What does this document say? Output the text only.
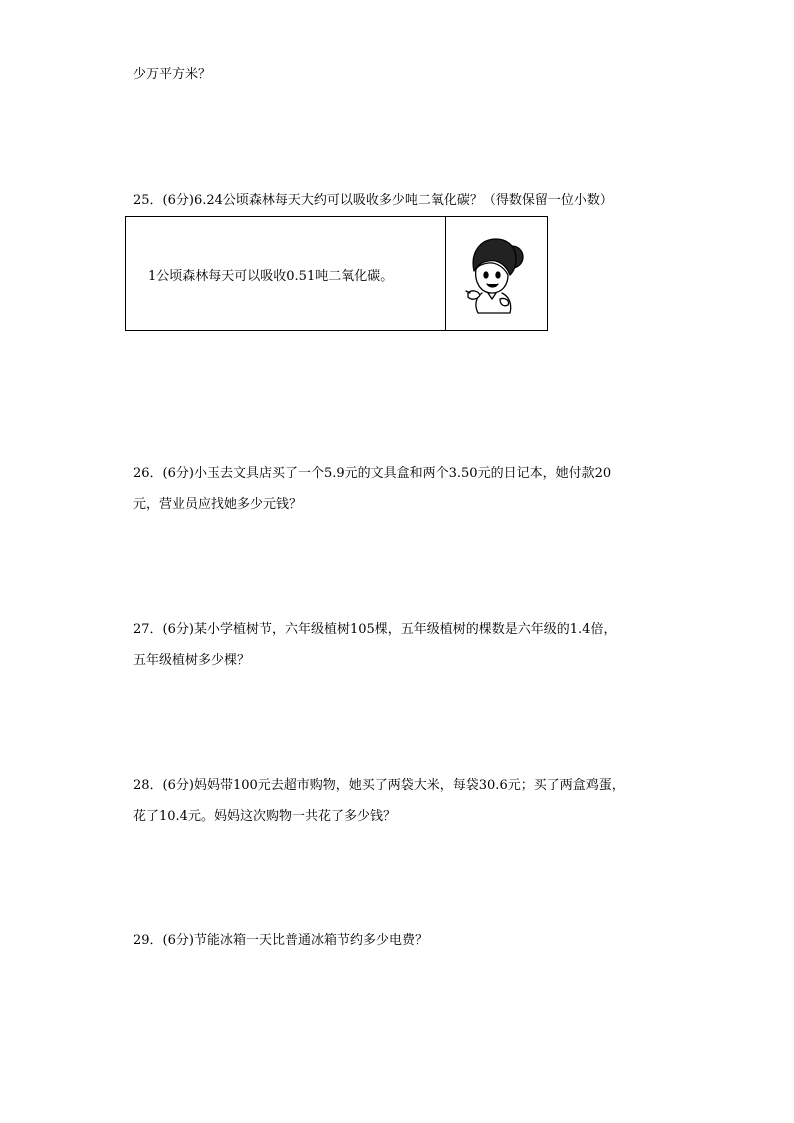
少万平方米？
25．(6分)6.24公顷森林每天大约可以吸收多少吨二氧化碳？（得数保留一位小数）
1公顷森林每天可以吸收0.51吨二氧化碳。
26．(6分)小玉去文具店买了一个5.9元的文具盒和两个3.50元的日记本，她付款20
元，营业员应找她多少元钱？
27．(6分)某小学植树节，六年级植树105棵，五年级植树的棵数是六年级的1.4倍，
五年级植树多少棵？
28．(6分)妈妈带100元去超市购物，她买了两袋大米，每袋30.6元；买了两盒鸡蛋，
花了10.4元。妈妈这次购物一共花了多少钱？
29．(6分)节能冰箱一天比普通冰箱节约多少电费？
